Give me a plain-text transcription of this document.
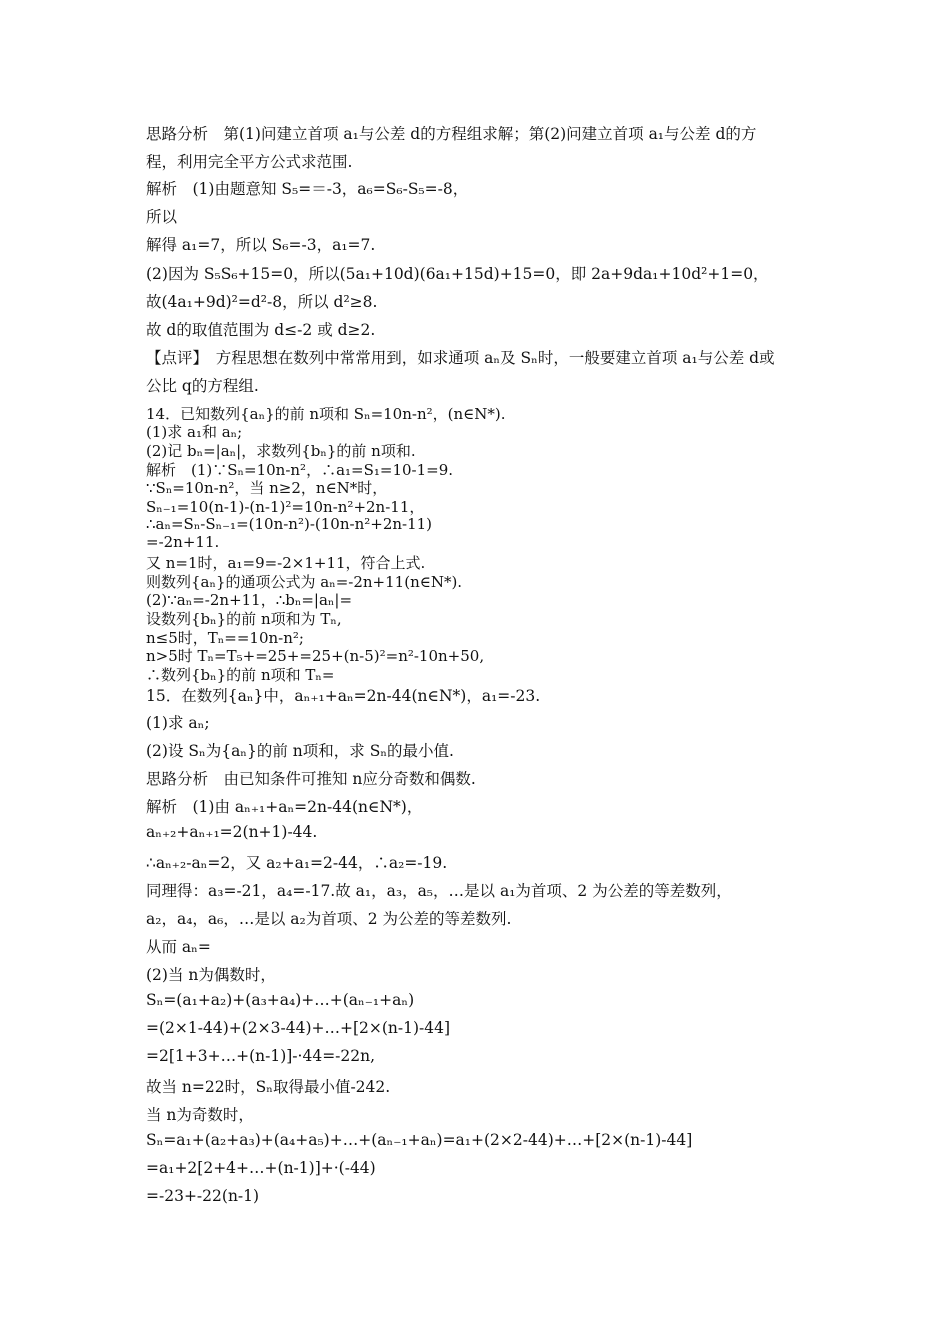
思路分析　第(1)问建立首项 a₁与公差 d的方程组求解；第(2)问建立首项 a₁与公差 d的方
程，利用完全平方公式求范围.
解析　(1)由题意知 S₅=＝-3，a₆=S₆-S₅=-8，
所以
解得 a₁=7，所以 S₆=-3，a₁=7.
(2)因为 S₅S₆+15=0，所以(5a₁+10d)(6a₁+15d)+15=0，即 2a+9da₁+10d²+1=0，
故(4a₁+9d)²=d²-8，所以 d²≥8.
故 d的取值范围为 d≤-2 或 d≥2.
【点评】　方程思想在数列中常常用到，如求通项 aₙ及 Sₙ时，一般要建立首项 a₁与公差 d或
公比 q的方程组.
14．已知数列{aₙ}的前 n项和 Sₙ=10n-n²，(n∈N*).
(1)求 a₁和 aₙ;
(2)记 bₙ=|aₙ|，求数列{bₙ}的前 n项和.
解析　(1)∵Sₙ=10n-n²，∴a₁=S₁=10-1=9.
∵Sₙ=10n-n²，当 n≥2，n∈N*时，
Sₙ₋₁=10(n-1)-(n-1)²=10n-n²+2n-11，
∴aₙ=Sₙ-Sₙ₋₁=(10n-n²)-(10n-n²+2n-11)
=-2n+11.
又 n=1时，a₁=9=-2×1+11，符合上式.
则数列{aₙ}的通项公式为 aₙ=-2n+11(n∈N*).
(2)∵aₙ=-2n+11，∴bₙ=|aₙ|=
设数列{bₙ}的前 n项和为 Tₙ,
n≤5时，Tₙ==10n-n²;
n>5时 Tₙ=T₅+=25+=25+(n-5)²=n²-10n+50,
∴数列{bₙ}的前 n项和 Tₙ=
15．在数列{aₙ}中，aₙ₊₁+aₙ=2n-44(n∈N*)，a₁=-23.
(1)求 aₙ;
(2)设 Sₙ为{aₙ}的前 n项和，求 Sₙ的最小值.
思路分析　由已知条件可推知 n应分奇数和偶数.
解析　(1)由 aₙ₊₁+aₙ=2n-44(n∈N*)，
aₙ₊₂+aₙ₊₁=2(n+1)-44.
∴aₙ₊₂-aₙ=2，又 a₂+a₁=2-44，∴a₂=-19.
同理得：a₃=-21，a₄=-17.故 a₁，a₃，a₅，…是以 a₁为首项、2 为公差的等差数列，
a₂，a₄，a₆，…是以 a₂为首项、2 为公差的等差数列.
从而 aₙ=
(2)当 n为偶数时，
Sₙ=(a₁+a₂)+(a₃+a₄)+…+(aₙ₋₁+aₙ)
=(2×1-44)+(2×3-44)+…+[2×(n-1)-44]
=2[1+3+…+(n-1)]-·44=-22n,
故当 n=22时，Sₙ取得最小值-242.
当 n为奇数时，
Sₙ=a₁+(a₂+a₃)+(a₄+a₅)+…+(aₙ₋₁+aₙ)=a₁+(2×2-44)+…+[2×(n-1)-44]
=a₁+2[2+4+…+(n-1)]+·(-44)
=-23+-22(n-1)
